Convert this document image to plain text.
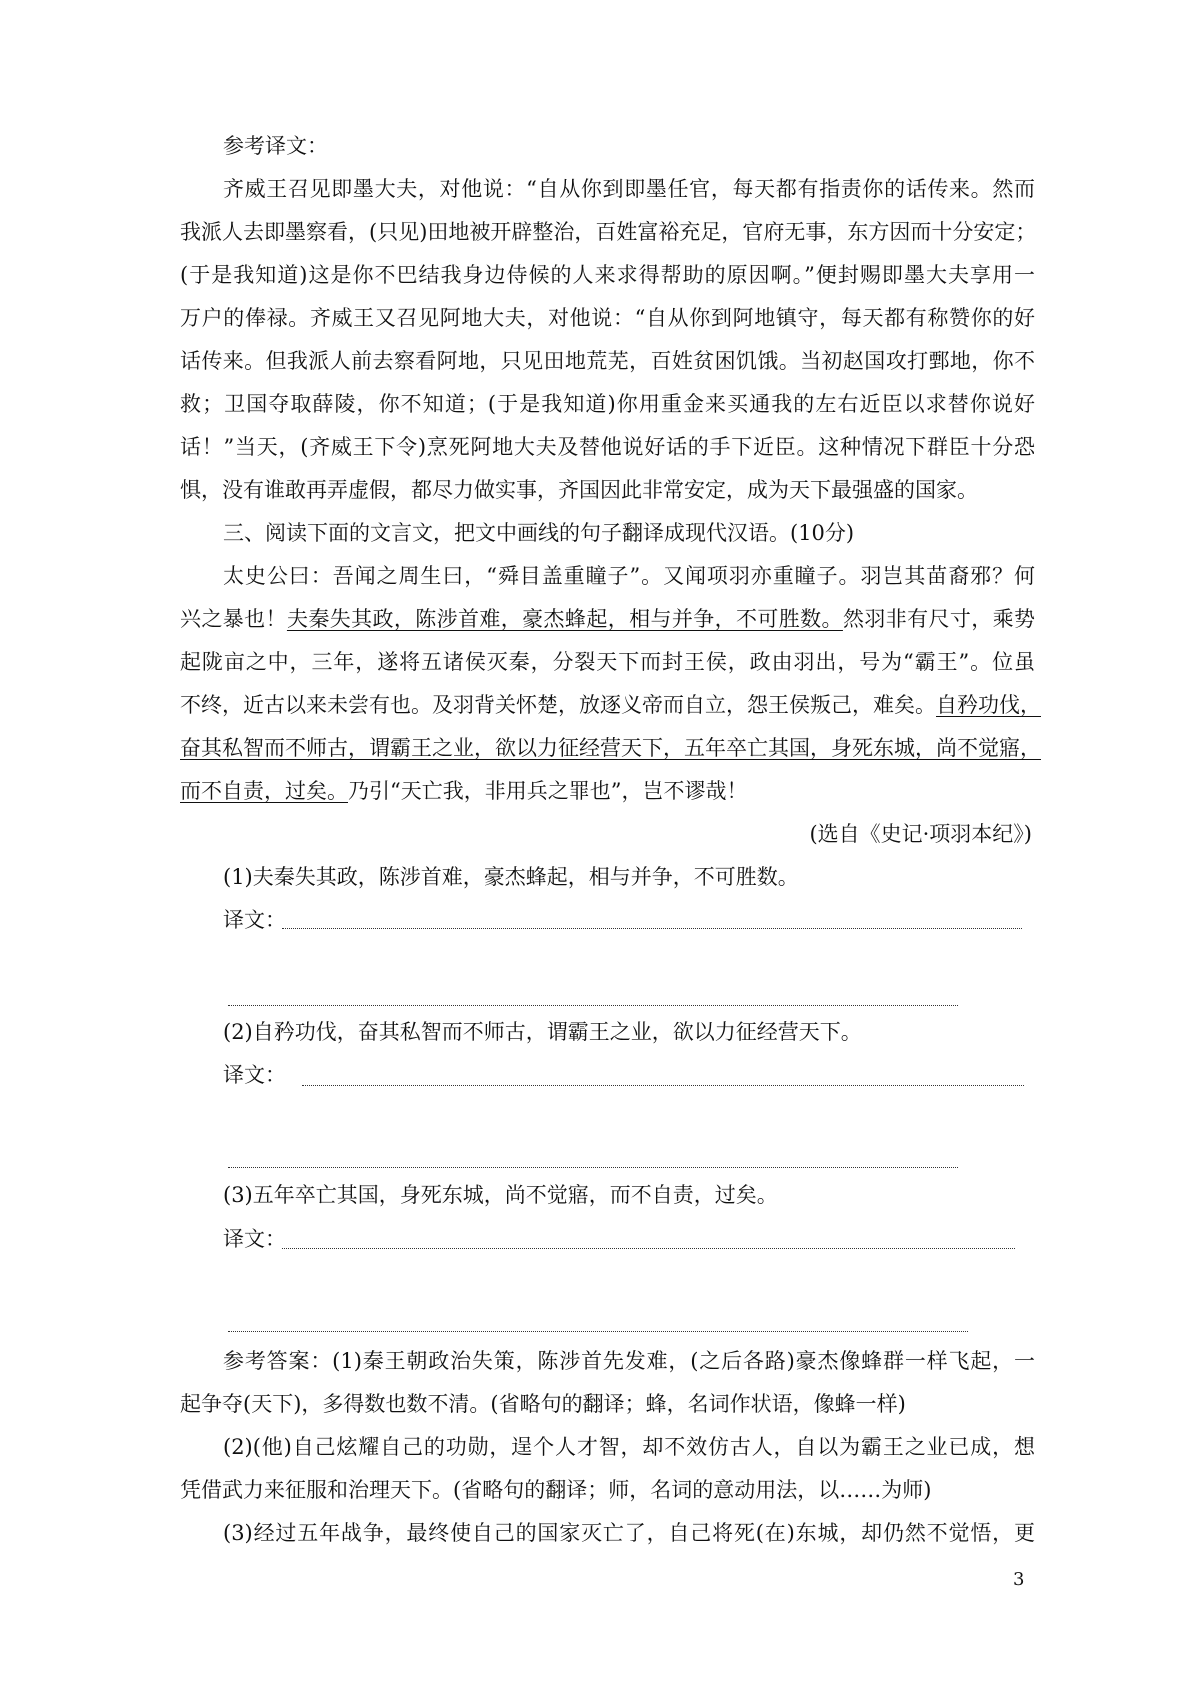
参考译文：
齐威王召见即墨大夫，对他说：“自从你到即墨任官，每天都有指责你的话传来。然而
我派人去即墨察看，(只见)田地被开辟整治，百姓富裕充足，官府无事，东方因而十分安定；
(于是我知道)这是你不巴结我身边侍候的人来求得帮助的原因啊。”便封赐即墨大夫享用一
万户的俸禄。齐威王又召见阿地大夫，对他说：“自从你到阿地镇守，每天都有称赞你的好
话传来。但我派人前去察看阿地，只见田地荒芜，百姓贫困饥饿。当初赵国攻打鄄地，你不
救；卫国夺取薛陵，你不知道；(于是我知道)你用重金来买通我的左右近臣以求替你说好
话！”当天，(齐威王下令)烹死阿地大夫及替他说好话的手下近臣。这种情况下群臣十分恐
惧，没有谁敢再弄虚假，都尽力做实事，齐国因此非常安定，成为天下最强盛的国家。
三、阅读下面的文言文，把文中画线的句子翻译成现代汉语。(10分)
太史公曰：吾闻之周生曰，“舜目盖重瞳子”。又闻项羽亦重瞳子。羽岂其苗裔邪？何
兴之暴也！夫秦失其政，陈涉首难，豪杰蜂起，相与并争，不可胜数。然羽非有尺寸，乘势
起陇亩之中，三年，遂将五诸侯灭秦，分裂天下而封王侯，政由羽出，号为“霸王”。位虽
不终，近古以来未尝有也。及羽背关怀楚，放逐义帝而自立，怨王侯叛己，难矣。自矜功伐，
奋其私智而不师古，谓霸王之业，欲以力征经营天下，五年卒亡其国，身死东城，尚不觉寤，
而不自责，过矣。乃引“天亡我，非用兵之罪也”，岂不谬哉！
(选自《史记·项羽本纪》)
(1)夫秦失其政，陈涉首难，豪杰蜂起，相与并争，不可胜数。
译文：
(2)自矜功伐，奋其私智而不师古，谓霸王之业，欲以力征经营天下。
译文：
(3)五年卒亡其国，身死东城，尚不觉寤，而不自责，过矣。
译文：
参考答案：(1)秦王朝政治失策，陈涉首先发难，(之后各路)豪杰像蜂群一样飞起，一
起争夺(天下)，多得数也数不清。(省略句的翻译；蜂，名词作状语，像蜂一样)
(2)(他)自己炫耀自己的功勋，逞个人才智，却不效仿古人，自以为霸王之业已成，想
凭借武力来征服和治理天下。(省略句的翻译；师，名词的意动用法，以……为师)
(3)经过五年战争，最终使自己的国家灭亡了，自己将死(在)东城，却仍然不觉悟，更
3
